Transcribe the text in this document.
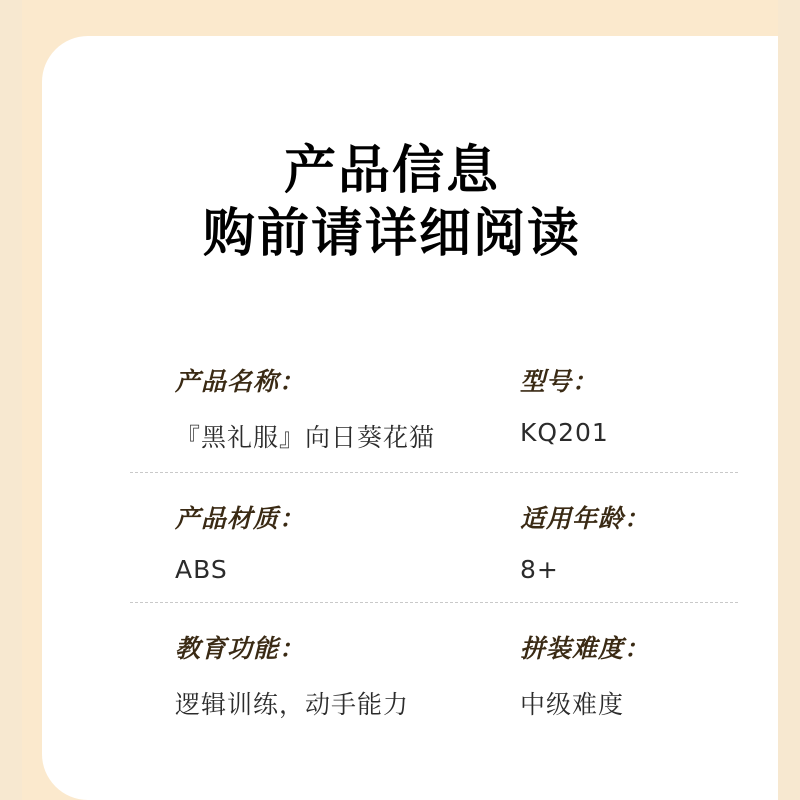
产品信息
购前请详细阅读
产品名称：
『黑礼服』向日葵花猫
型号：
KQ201
产品材质：
ABS
适用年龄：
8+
教育功能：
逻辑训练，动手能力
拼装难度：
中级难度
